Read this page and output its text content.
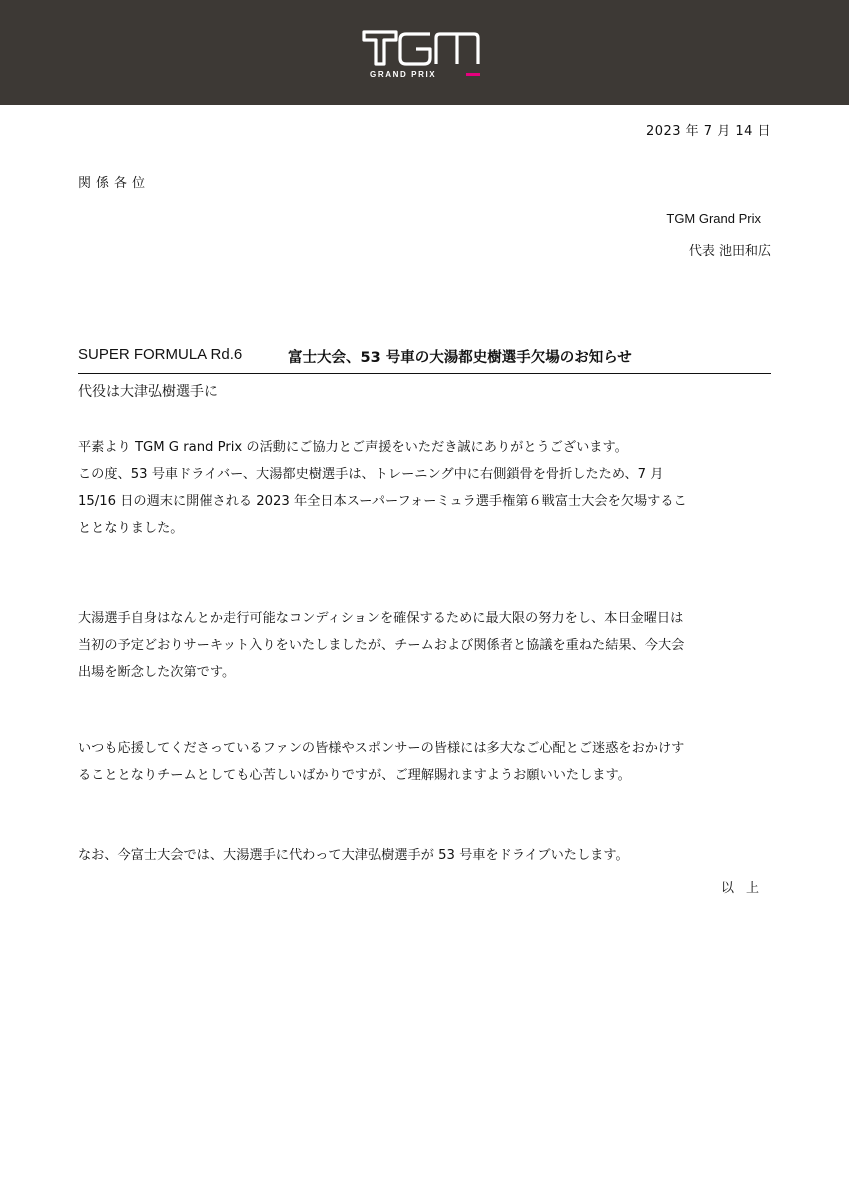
GRAND PRIX
2023 年 7 月 14 日
関係各位
TGM Grand Prix
代表 池田和広
SUPER FORMULA Rd.6	富士大会、53 号車の大湯都史樹選手欠場のお知らせ
代役は大津弘樹選手に
平素より TGM G rand Prix の活動にご協力とご声援をいただき誠にありがとうございます。
この度、53 号車ドライバー、大湯都史樹選手は、トレーニング中に右側鎖骨を骨折したため、7 月
15/16 日の週末に開催される 2023 年全日本スーパーフォーミュラ選手権第６戦富士大会を欠場するこ
ととなりました。
大湯選手自身はなんとか走行可能なコンディションを確保するために最大限の努力をし、本日金曜日は
当初の予定どおりサーキット入りをいたしましたが、チームおよび関係者と協議を重ねた結果、今大会
出場を断念した次第です。
いつも応援してくださっているファンの皆様やスポンサーの皆様には多大なご心配とご迷惑をおかけす
ることとなりチームとしても心苦しいばかりですが、ご理解賜れますようお願いいたします。
なお、今富士大会では、大湯選手に代わって大津弘樹選手が 53 号車をドライブいたします。
以上
